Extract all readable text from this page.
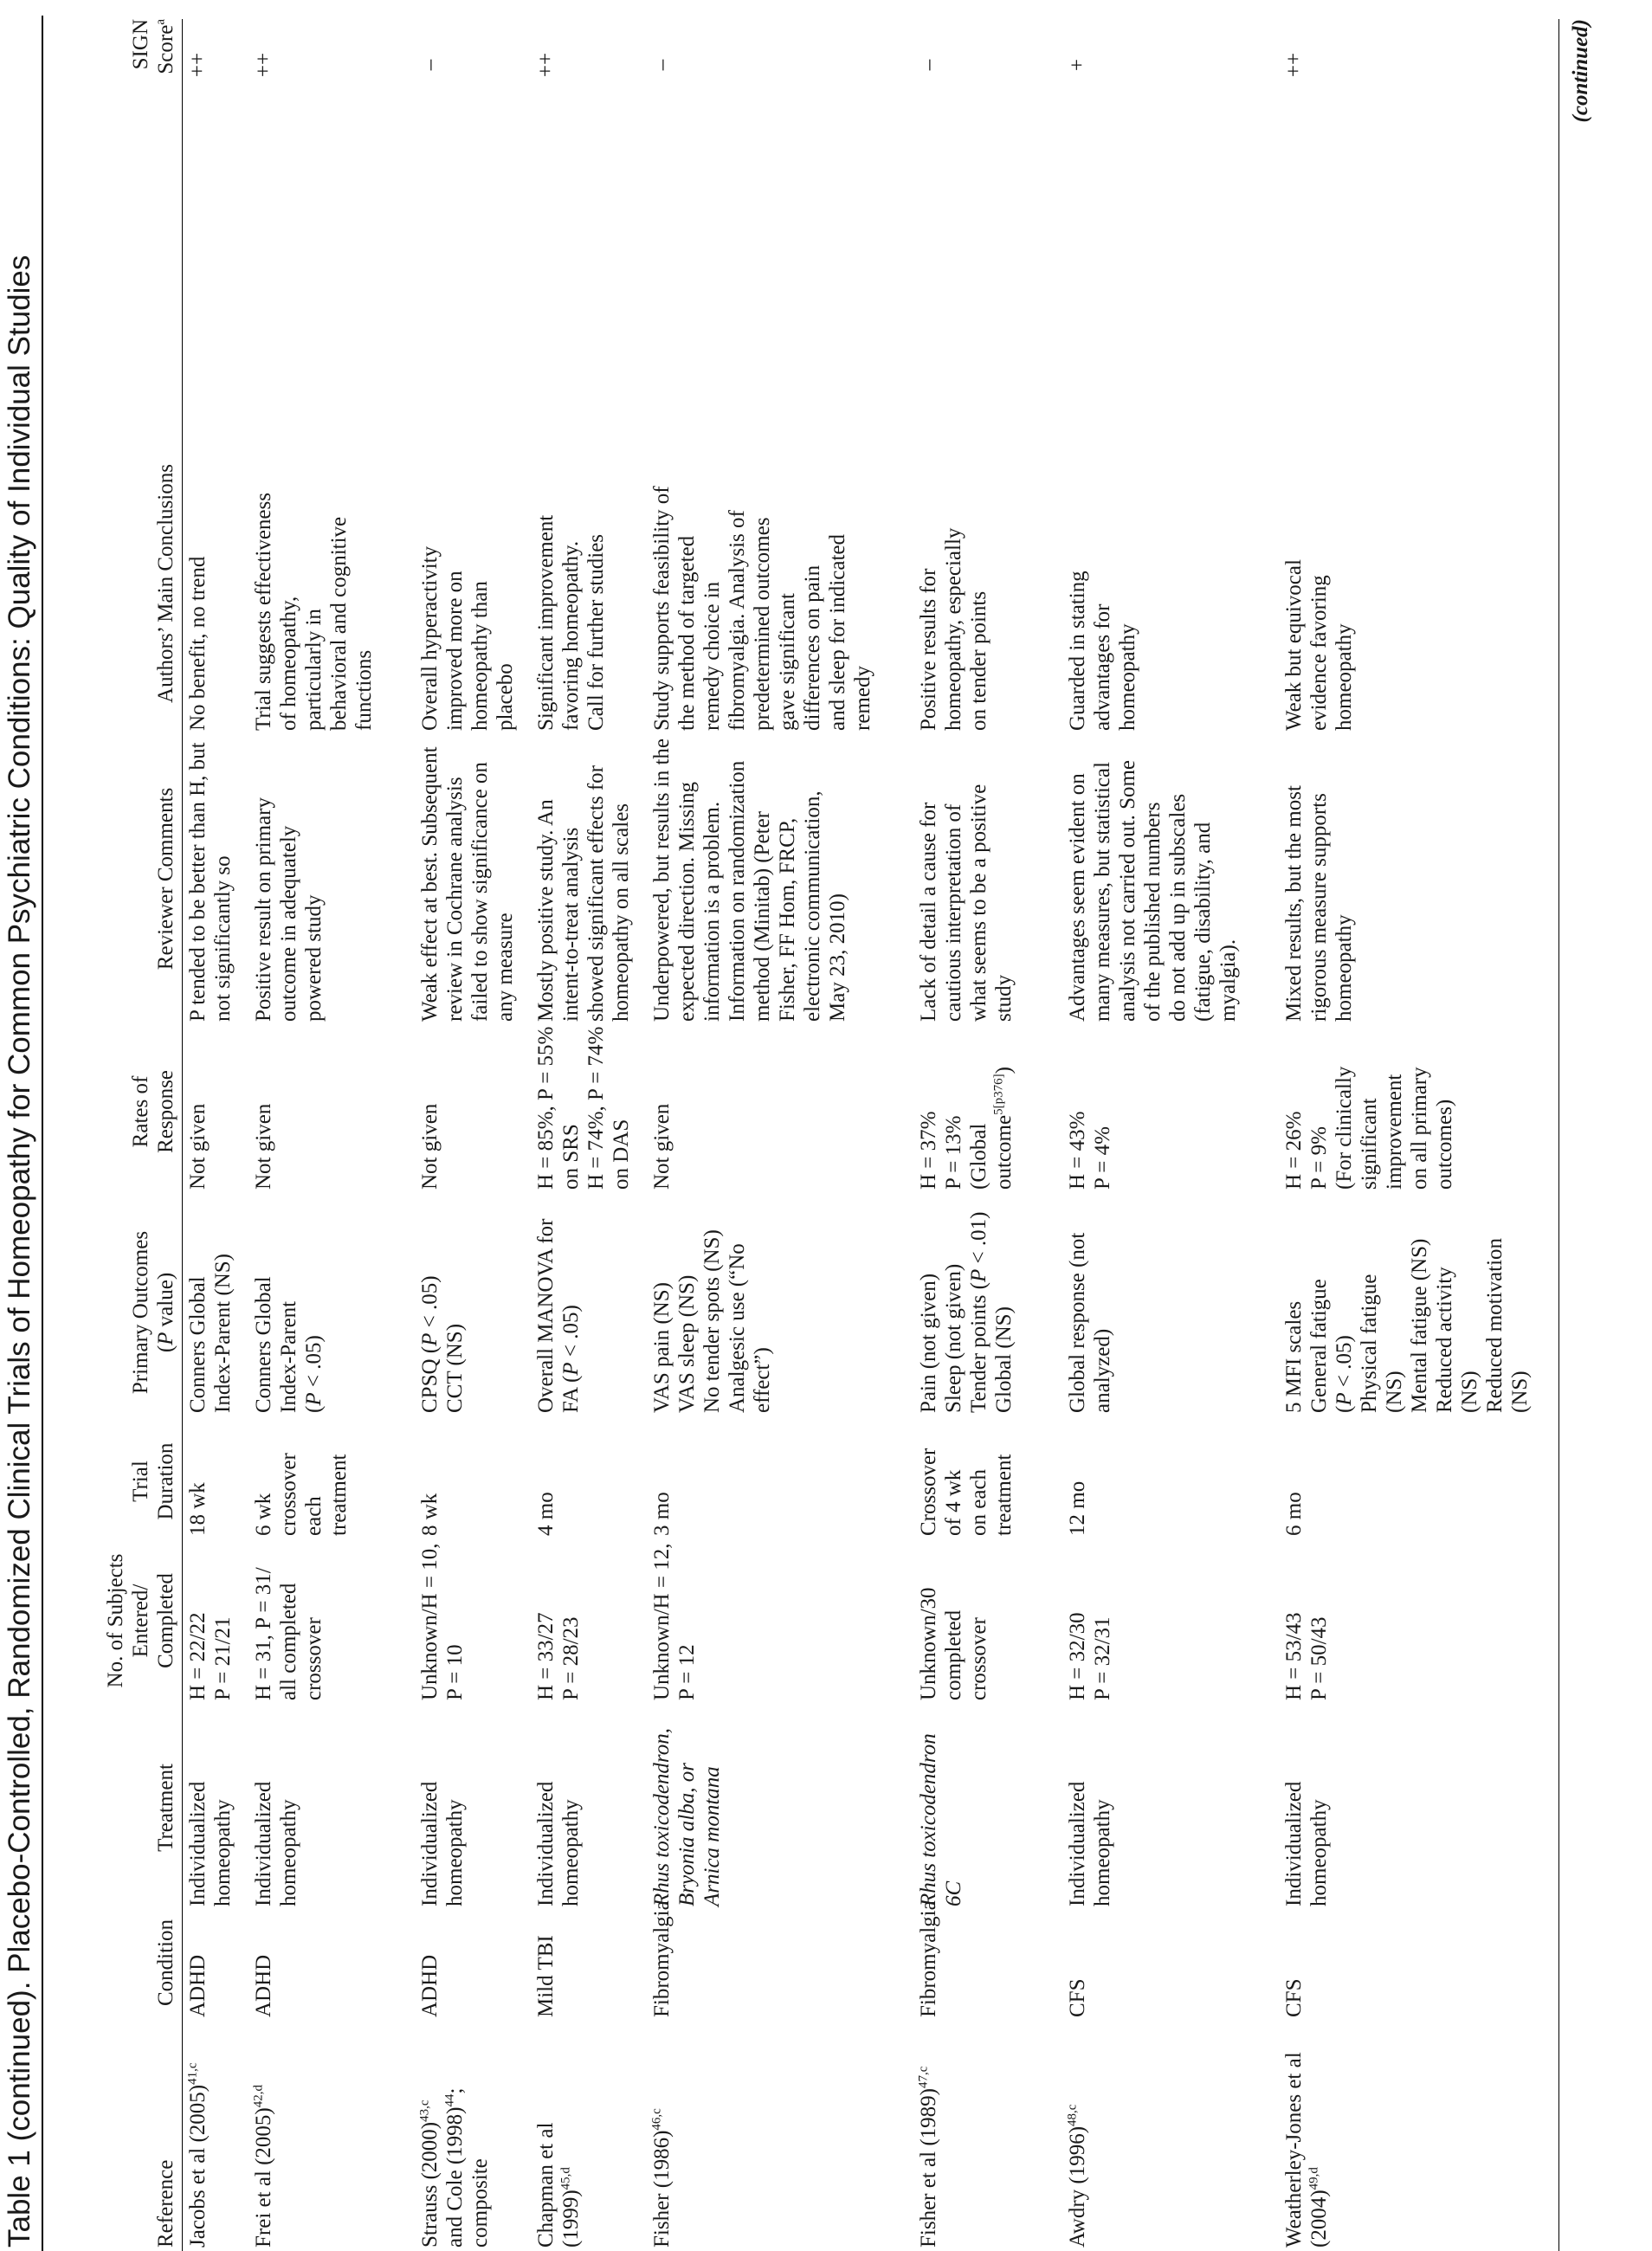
Table 1 (continued). Placebo-Controlled, Randomized Clinical Trials of Homeopathy for Common Psychiatric Conditions: Quality of Individual Studies	Reference
Condition
Treatment
No. of Subjects
Entered/
Completed
Trial
Duration
Primary Outcomes
(P value)
Rates of
Response
Reviewer Comments
Authors’ Main Conclusions
SIGN
Score$^a$
Jacobs et al $(2005)^{41,c}$
ADHD
Individualized
homeopathy
H = 22/22
P = 21/21
18 wk
Conners Global
Index-Parent (NS)
Not given
P tended to be better than H, but
not significantly so
No benefit, no trend
++
Frei et al $(2005)^{42,d}$
ADHD
Individualized
homeopathy
H = 31, P = 31/
all completed
crossover
6 wk
crossover
each
treatment
Conners Global
Index-Parent
(P < .05)
Not given
Positive result on primary
outcome in adequately
powered study
Trial suggests effectiveness
of homeopathy,
particularly in
behavioral and cognitive
functions
++
Strauss $(2000)^{43,c}$
and Cole $(1998)^{44}$;
composite
ADHD
Individualized
homeopathy
Unknown/H = 10,
P = 10
8 wk
CPSQ (P < .05)
CCT (NS)
Not given
Weak effect at best. Subsequent
review in Cochrane analysis
failed to show significance on
any measure
Overall hyperactivity
improved more on
homeopathy than
placebo
–
Chapman et al
$(1999)^{45,d}$
Mild TBI
Individualized
homeopathy
H = 33/27
P = 28/23
4 mo
Overall MANOVA for
FA (P < .05)
H = 85%, P = 55%
on SRS
H = 74%, P = 74%
on DAS
Mostly positive study. An
intent-to-treat analysis
showed significant effects for
homeopathy on all scales
Significant improvement
favoring homeopathy.
Call for further studies
++
Fisher $(1986)^{46,c}$
Fibromyalgia
Rhus toxicodendron,
Bryonia alba, or
Arnica montana
Unknown/H = 12,
P = 12
3 mo
VAS pain (NS)
VAS sleep (NS)
No tender spots (NS)
Analgesic use (“No
effect”)
Not given
Underpowered, but results in the
expected direction. Missing
information is a problem.
Information on randomization
method (Minitab) (Peter
Fisher, FF Hom, FRCP,
electronic communication,
May 23, 2010)
Study supports feasibility of
the method of targeted
remedy choice in
fibromyalgia. Analysis of
predetermined outcomes
gave significant
differences on pain
and sleep for indicated
remedy
–
Fisher et al $(1989)^{47,c}$
Fibromyalgia
Rhus toxicodendron
6C
Unknown/30
completed
crossover
Crossover
of 4 wk
on each
treatment
Pain (not given)
Sleep (not given)
Tender points (P < .01)
Global (NS)
H = 37%
P = 13%
(Global
outcome$^{5[p376]}$)
Lack of detail a cause for
cautious interpretation of
what seems to be a positive
study
Positive results for
homeopathy, especially
on tender points
–
Awdry $(1996)^{48,c}$
CFS
Individualized
homeopathy
H = 32/30
P = 32/31
12 mo
Global response (not
analyzed)
H = 43%
P = 4%
Advantages seem evident on
many measures, but statistical
analysis not carried out. Some
of the published numbers
do not add up in subscales
(fatigue, disability, and
myalgia).
Guarded in stating
advantages for
homeopathy
+
Weatherley-Jones et al
$(2004)^{49,d}$
CFS
Individualized
homeopathy
H = 53/43
P = 50/43
6 mo
5 MFI scales
General fatigue
(P < .05)
Physical fatigue
(NS)
Mental fatigue (NS)
Reduced activity
(NS)
Reduced motivation
(NS)
H = 26%
P = 9%
(For clinically
significant
improvement
on all primary
outcomes)
Mixed results, but the most
rigorous measure supports
homeopathy
Weak but equivocal
evidence favoring
homeopathy
++	(continued)
